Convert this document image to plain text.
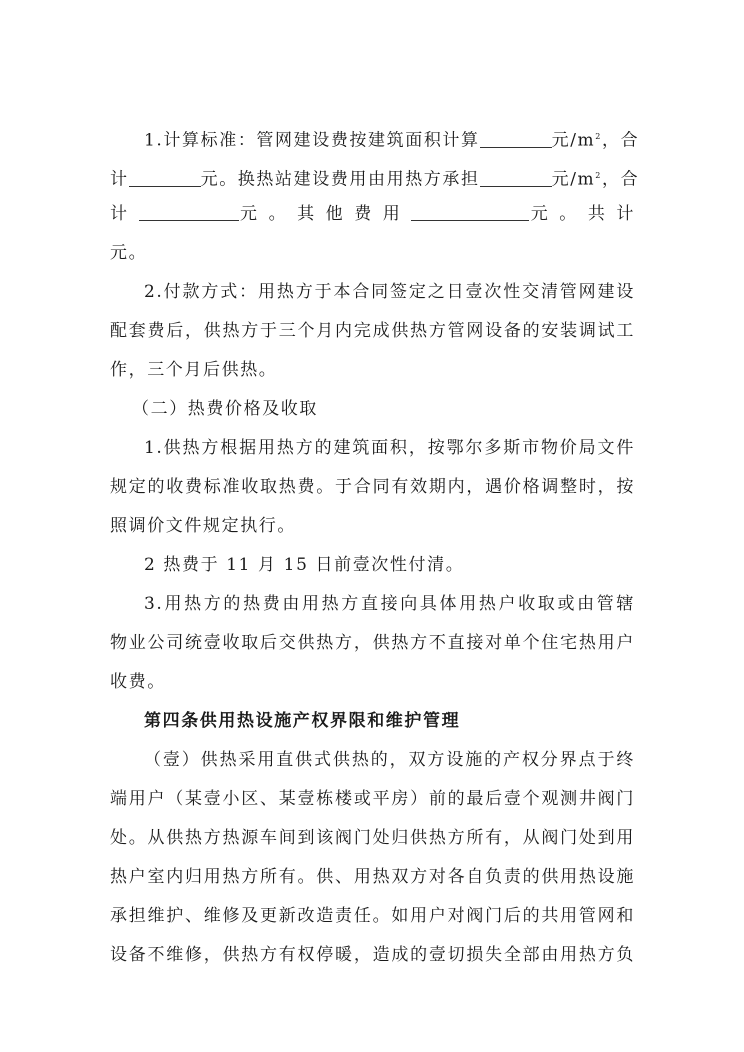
1.计算标准：管网建设费按建筑面积计算	元$/m^2$，合
计	元。换热站建设费用由用热方承担	元$/m^2$，合
计	元 。 其 他 费 用	元 。 共 计
元。
2.付款方式：用热方于本合同签定之日壹次性交清管网建设
配套费后，供热方于三个月内完成供热方管网设备的安装调试工
作，三个月后供热。
（二）热费价格及收取
1.供热方根据用热方的建筑面积，按鄂尔多斯市物价局文件
规定的收费标准收取热费。于合同有效期内，遇价格调整时，按
照调价文件规定执行。
2 热费于 11 月 15 日前壹次性付清。
3.用热方的热费由用热方直接向具体用热户收取或由管辖
物业公司统壹收取后交供热方，供热方不直接对单个住宅热用户
收费。
第四条供用热设施产权界限和维护管理
（壹）供热采用直供式供热的，双方设施的产权分界点于终
端用户（某壹小区、某壹栋楼或平房）前的最后壹个观测井阀门
处。从供热方热源车间到该阀门处归供热方所有，从阀门处到用
热户室内归用热方所有。供、用热双方对各自负责的供用热设施
承担维护、维修及更新改造责任。如用户对阀门后的共用管网和
设备不维修，供热方有权停暖，造成的壹切损失全部由用热方负
